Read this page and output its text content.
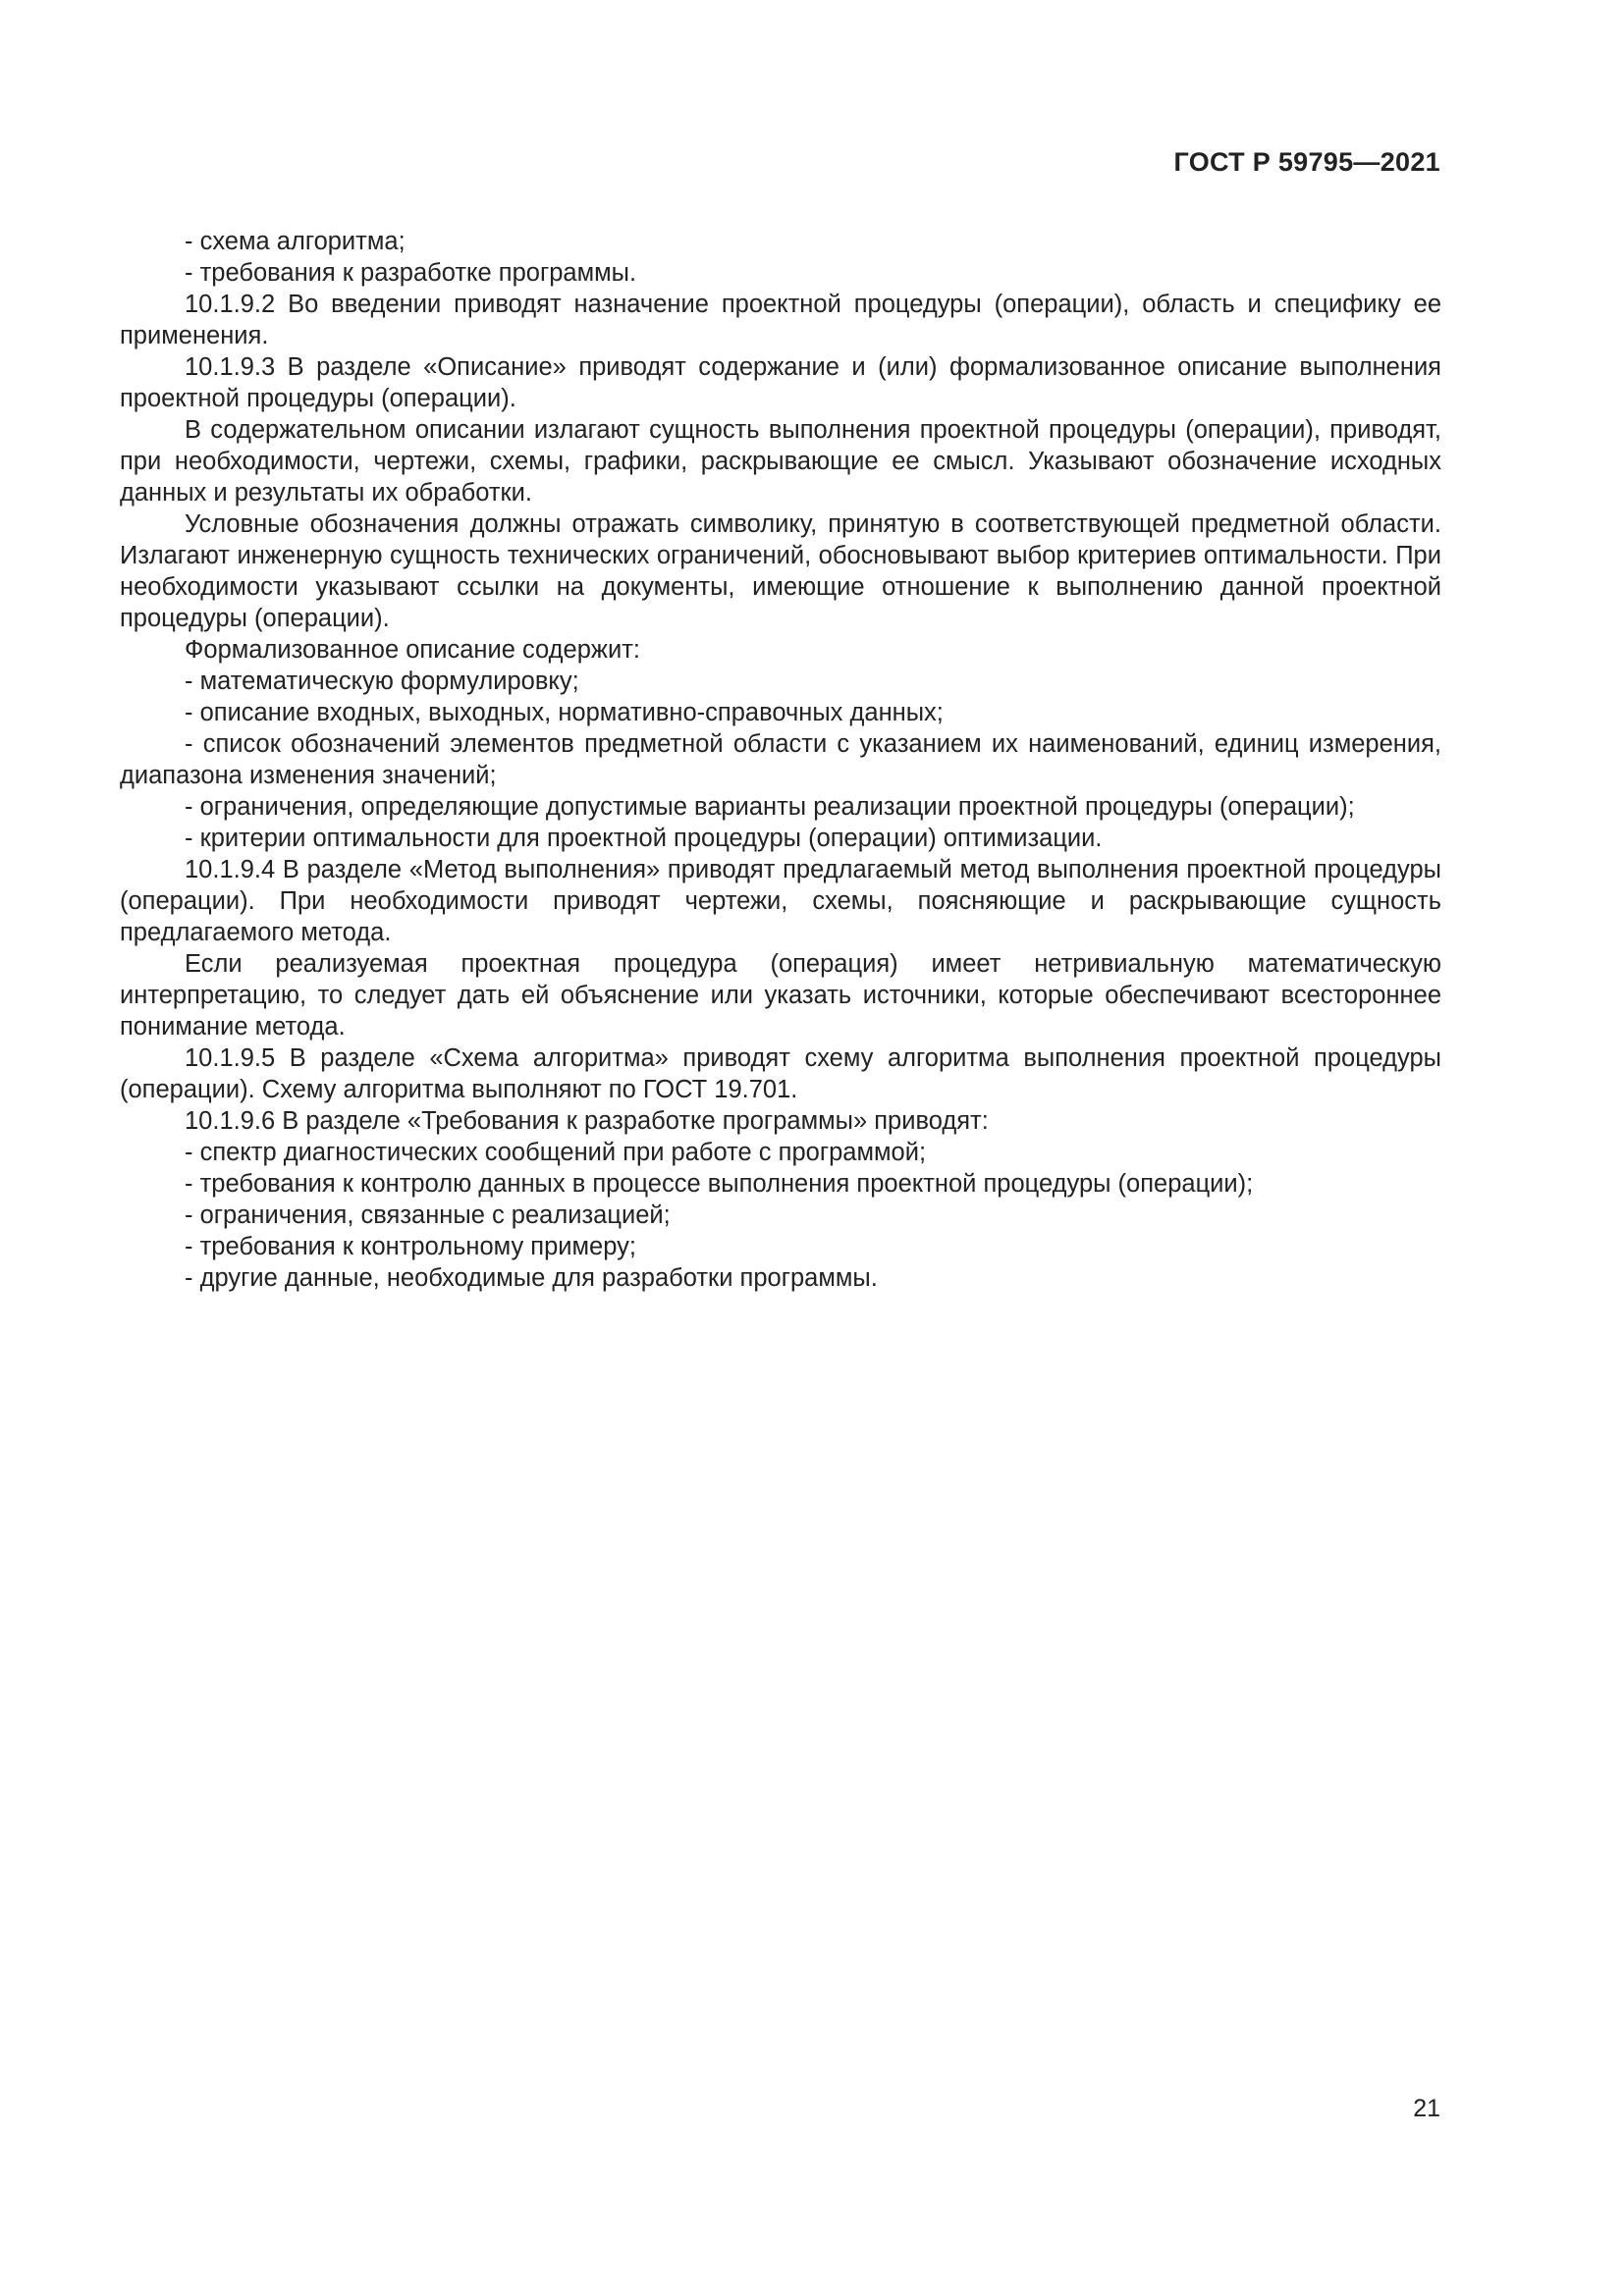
ГОСТ Р 59795—2021

- схема алгоритма;

- требования к разработке программы.

10.1.9.2 Во введении приводят назначение проектной процедуры (операции), область и специфику ее применения.

10.1.9.3 В разделе «Описание» приводят содержание и (или) формализованное описание выполнения проектной процедуры (операции).

В содержательном описании излагают сущность выполнения проектной процедуры (операции), приводят, при необходимости, чертежи, схемы, графики, раскрывающие ее смысл. Указывают обозначение исходных данных и результаты их обработки.

Условные обозначения должны отражать символику, принятую в соответствующей предметной области. Излагают инженерную сущность технических ограничений, обосновывают выбор критериев оптимальности. При необходимости указывают ссылки на документы, имеющие отношение к выполнению данной проектной процедуры (операции).

Формализованное описание содержит:

- математическую формулировку;

- описание входных, выходных, нормативно-справочных данных;

- список обозначений элементов предметной области с указанием их наименований, единиц измерения, диапазона изменения значений;

- ограничения, определяющие допустимые варианты реализации проектной процедуры (операции);

- критерии оптимальности для проектной процедуры (операции) оптимизации.

10.1.9.4 В разделе «Метод выполнения» приводят предлагаемый метод выполнения проектной процедуры (операции). При необходимости приводят чертежи, схемы, поясняющие и раскрывающие сущность предлагаемого метода.

Если реализуемая проектная процедура (операция) имеет нетривиальную математическую интерпретацию, то следует дать ей объяснение или указать источники, которые обеспечивают всестороннее понимание метода.

10.1.9.5 В разделе «Схема алгоритма» приводят схему алгоритма выполнения проектной процедуры (операции). Схему алгоритма выполняют по ГОСТ 19.701.

10.1.9.6 В разделе «Требования к разработке программы» приводят:

- спектр диагностических сообщений при работе с программой;

- требования к контролю данных в процессе выполнения проектной процедуры (операции);

- ограничения, связанные с реализацией;

- требования к контрольному примеру;

- другие данные, необходимые для разработки программы.

21
